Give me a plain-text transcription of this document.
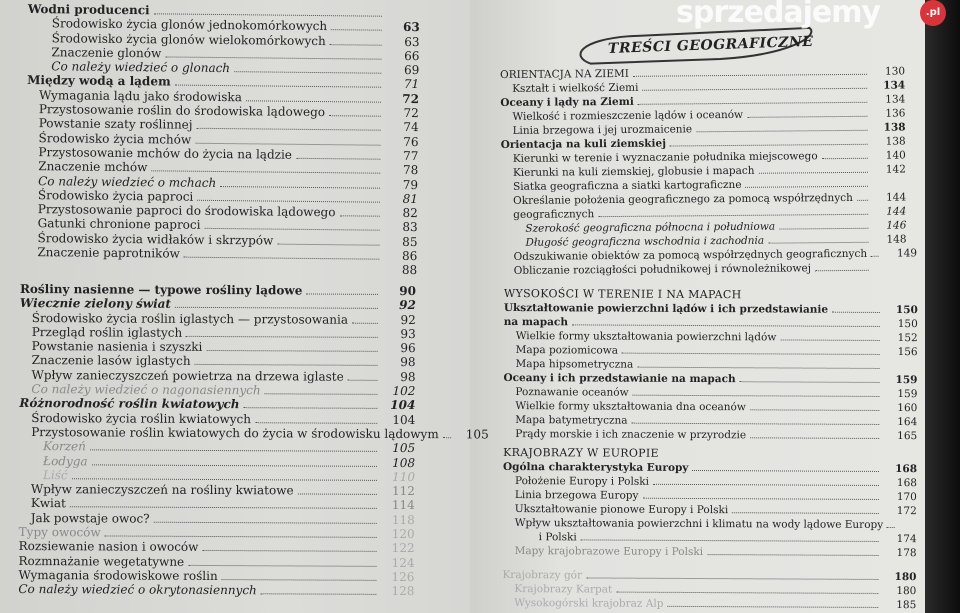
Wodni producenci
Środowisko życia glonów jednokomórkowych	63
Środowisko życia glonów wielokomórkowych	63
Znaczenie glonów	66
Co należy wiedzieć o glonach	69
Między wodą a lądem	71
Wymagania lądu jako środowiska	72
Przystosowanie roślin do środowiska lądowego	72
Powstanie szaty roślinnej	74
Środowisko życia mchów	76
Przystosowanie mchów do życia na lądzie	77
Znaczenie mchów	78
Co należy wiedzieć o mchach	79
Środowisko życia paproci	81
Przystosowanie paproci do środowiska lądowego	82
Gatunki chronione paproci	83
Środowisko życia widłaków i skrzypów	85
Znaczenie paprotników	86
88
Rośliny nasienne — typowe rośliny lądowe	90
Wiecznie zielony świat	92
Środowisko życia roślin iglastych — przystosowania	92
Przegląd roślin iglastych	93
Powstanie nasienia i szyszki	96
Znaczenie lasów iglastych	98
Wpływ zanieczyszczeń powietrza na drzewa iglaste	98
Co należy wiedzieć o nagonasiennych	102
Różnorodność roślin kwiatowych	104
Środowisko życia roślin kwiatowych	104
Przystosowanie roślin kwiatowych do życia w środowisku lądowym	105
Korzeń	105
Łodyga	108
Liść	110
Wpływ zanieczyszczeń na rośliny kwiatowe	112
Kwiat	114
Jak powstaje owoc?	118
Typy owoców	120
Rozsiewanie nasion i owoców	122
Rozmnażanie wegetatywne	124
Wymagania środowiskowe roślin	126
Co należy wiedzieć o okrytonasiennych	128
TREŚCI GEOGRAFICZNE
ORIENTACJA NA ZIEMI	130
Kształt i wielkość Ziemi	134
Oceany i lądy na Ziemi	134
Wielkość i rozmieszczenie lądów i oceanów	136
Linia brzegowa i jej urozmaicenie	138
Orientacja na kuli ziemskiej	138
Kierunki w terenie i wyznaczanie południka miejscowego	140
Kierunki na kuli ziemskiej, globusie i mapach	142
Siatka geograficzna a siatki kartograficzne
Określanie położenia geograficznego za pomocą współrzędnych	144
geograficznych	144
Szerokość geograficzna północna i południowa	146
Długość geograficzna wschodnia i zachodnia	148
Odszukiwanie obiektów za pomocą współrzędnych geograficznych	149
Obliczanie rozciągłości południkowej i równoleżnikowej
WYSOKOŚCI W TERENIE I NA MAPACH
Ukształtowanie powierzchni lądów i ich przedstawianie	150
na mapach	150
Wielkie formy ukształtowania powierzchni lądów	152
Mapa poziomicowa	156
Mapa hipsometryczna
Oceany i ich przedstawianie na mapach	159
Poznawanie oceanów	159
Wielkie formy ukształtowania dna oceanów	160
Mapa batymetryczna	164
Prądy morskie i ich znaczenie w przyrodzie	165
KRAJOBRAZY W EUROPIE
Ogólna charakterystyka Europy	168
Położenie Europy i Polski	168
Linia brzegowa Europy	170
Ukształtowanie pionowe Europy i Polski	172
Wpływ ukształtowania powierzchni i klimatu na wody lądowe Europy
i Polski	174
Mapy krajobrazowe Europy i Polski	178
Krajobrazy gór	180
Krajobrazy Karpat	180
Wysokogórski krajobraz Alp	185
sprzedajemy	.pl
